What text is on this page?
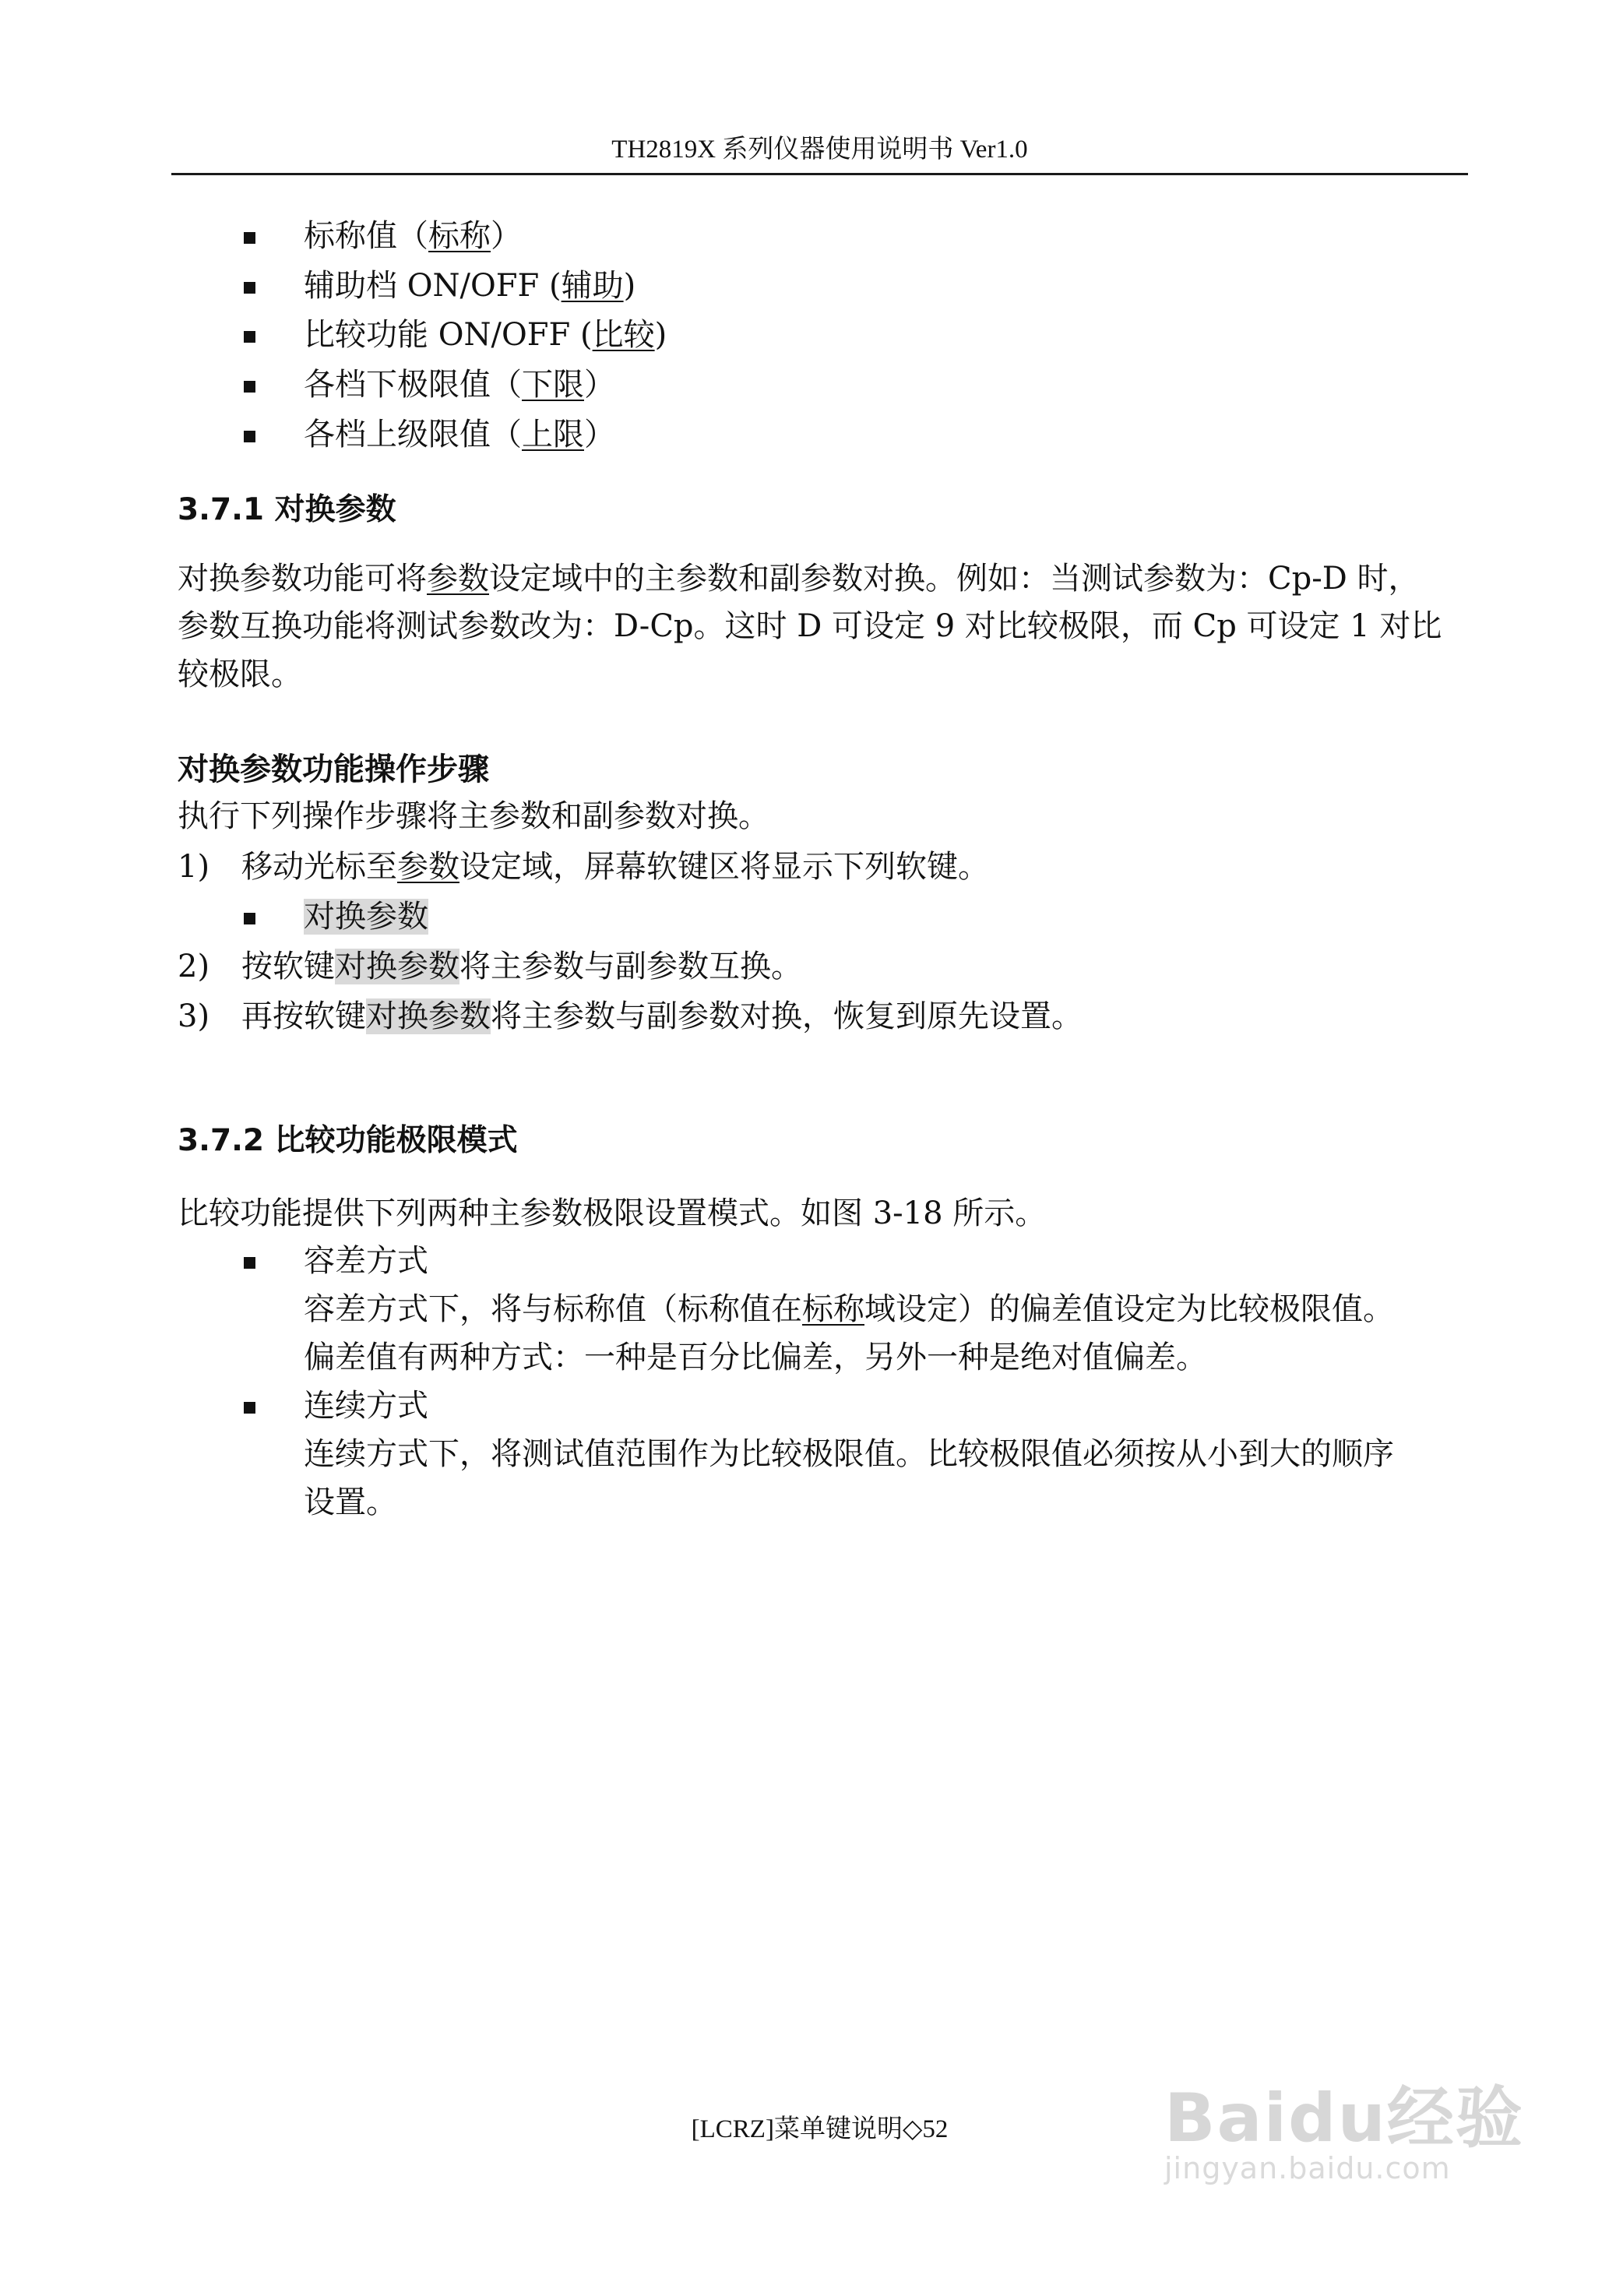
TH2819X 系列仪器使用说明书 Ver1.0
标称值（标称）
辅助档 ON/OFF (辅助)
比较功能 ON/OFF (比较)
各档下极限值（下限）
各档上级限值（上限）
3.7.1 对换参数
对换参数功能可将参数设定域中的主参数和副参数对换。例如：当测试参数为：Cp-D 时，
参数互换功能将测试参数改为：D-Cp。这时 D 可设定 9 对比较极限，而 Cp 可设定 1 对比
较极限。
对换参数功能操作步骤
执行下列操作步骤将主参数和副参数对换。
1) 移动光标至参数设定域，屏幕软键区将显示下列软键。
对换参数
2) 按软键对换参数将主参数与副参数互换。
3) 再按软键对换参数将主参数与副参数对换，恢复到原先设置。
3.7.2 比较功能极限模式
比较功能提供下列两种主参数极限设置模式。如图 3-18 所示。
容差方式
容差方式下，将与标称值（标称值在标称域设定）的偏差值设定为比较极限值。
偏差值有两种方式：一种是百分比偏差，另外一种是绝对值偏差。
连续方式
连续方式下，将测试值范围作为比较极限值。比较极限值必须按从小到大的顺序
设置。
[LCRZ]菜单键说明◇52	Baidu经验
jingyan.baidu.com
